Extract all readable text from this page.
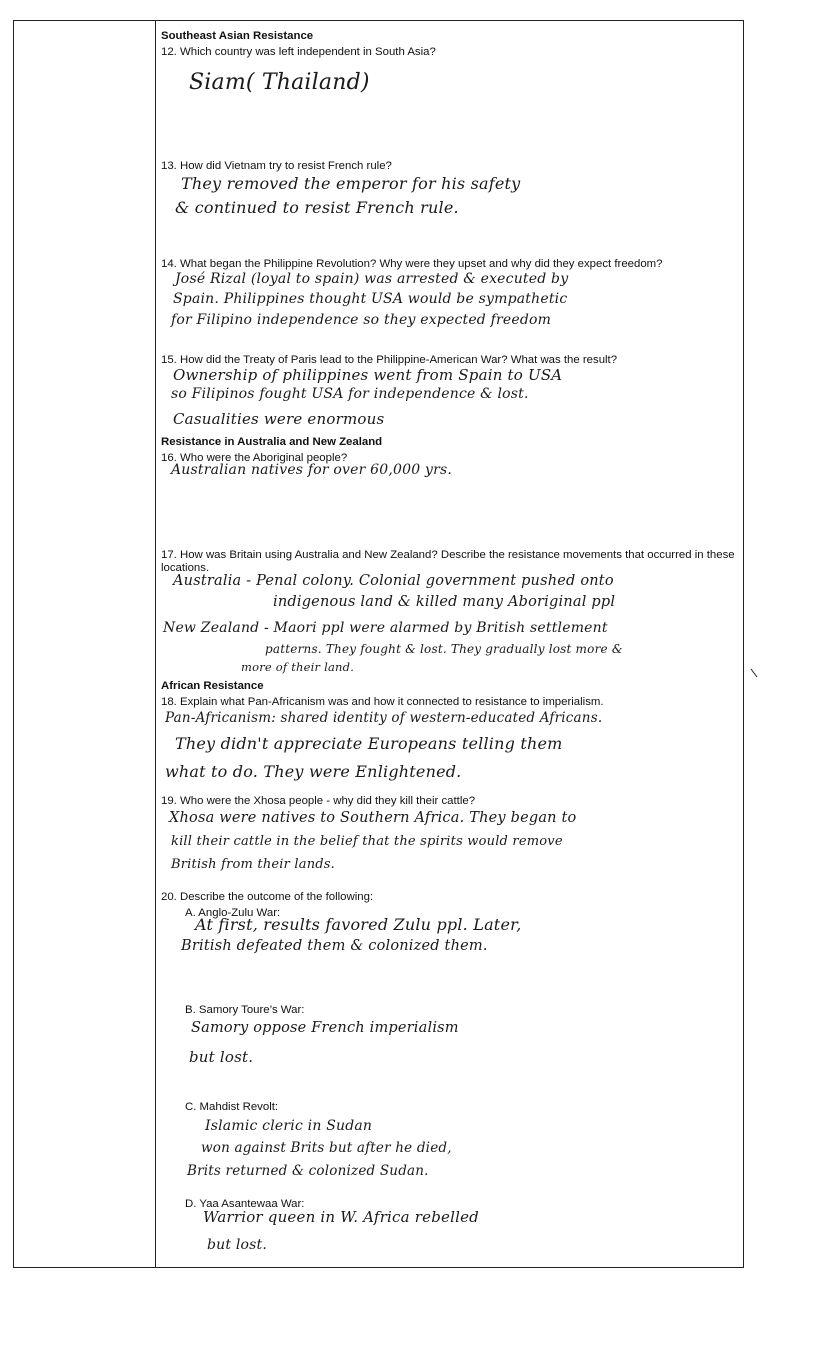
Southeast Asian Resistance
12. Which country was left independent in South Asia?
Siam( Thailand)
13. How did Vietnam try to resist French rule?
They removed the emperor for his safety
& continued to resist French rule.
14. What began the Philippine Revolution? Why were they upset and why did they expect freedom?
José Rizal (loyal to spain) was arrested & executed by
Spain. Philippines thought USA would be sympathetic
for Filipino independence so they expected freedom
15. How did the Treaty of Paris lead to the Philippine-American War? What was the result?
Ownership of philippines went from Spain to USA
so Filipinos fought USA for independence & lost.
Casualities were enormous
Resistance in Australia and New Zealand
16. Who were the Aboriginal people?
Australian natives for over 60,000 yrs.
17. How was Britain using Australia and New Zealand? Describe the resistance movements that occurred in these locations.
Australia - Penal colony. Colonial government pushed onto
indigenous land & killed many Aboriginal ppl
New Zealand - Maori ppl were alarmed by British settlement
patterns. They fought & lost. They gradually lost more &
more of their land.
African Resistance
18. Explain what Pan-Africanism was and how it connected to resistance to imperialism.
Pan-Africanism: shared identity of western-educated Africans.
They didn't appreciate Europeans telling them
what to do. They were Enlightened.
19. Who were the Xhosa people - why did they kill their cattle?
Xhosa were natives to Southern Africa. They began to
kill their cattle in the belief that the spirits would remove
British from their lands.
20. Describe the outcome of the following:
A. Anglo-Zulu War:
At first, results favored Zulu ppl. Later,
British defeated them & colonized them.
B. Samory Toure’s War:
Samory oppose French imperialism
but lost.
C. Mahdist Revolt:
Islamic cleric in Sudan
won against Brits but after he died,
Brits returned & colonized Sudan.
D. Yaa Asantewaa War:
Warrior queen in W. Africa rebelled
but lost.
